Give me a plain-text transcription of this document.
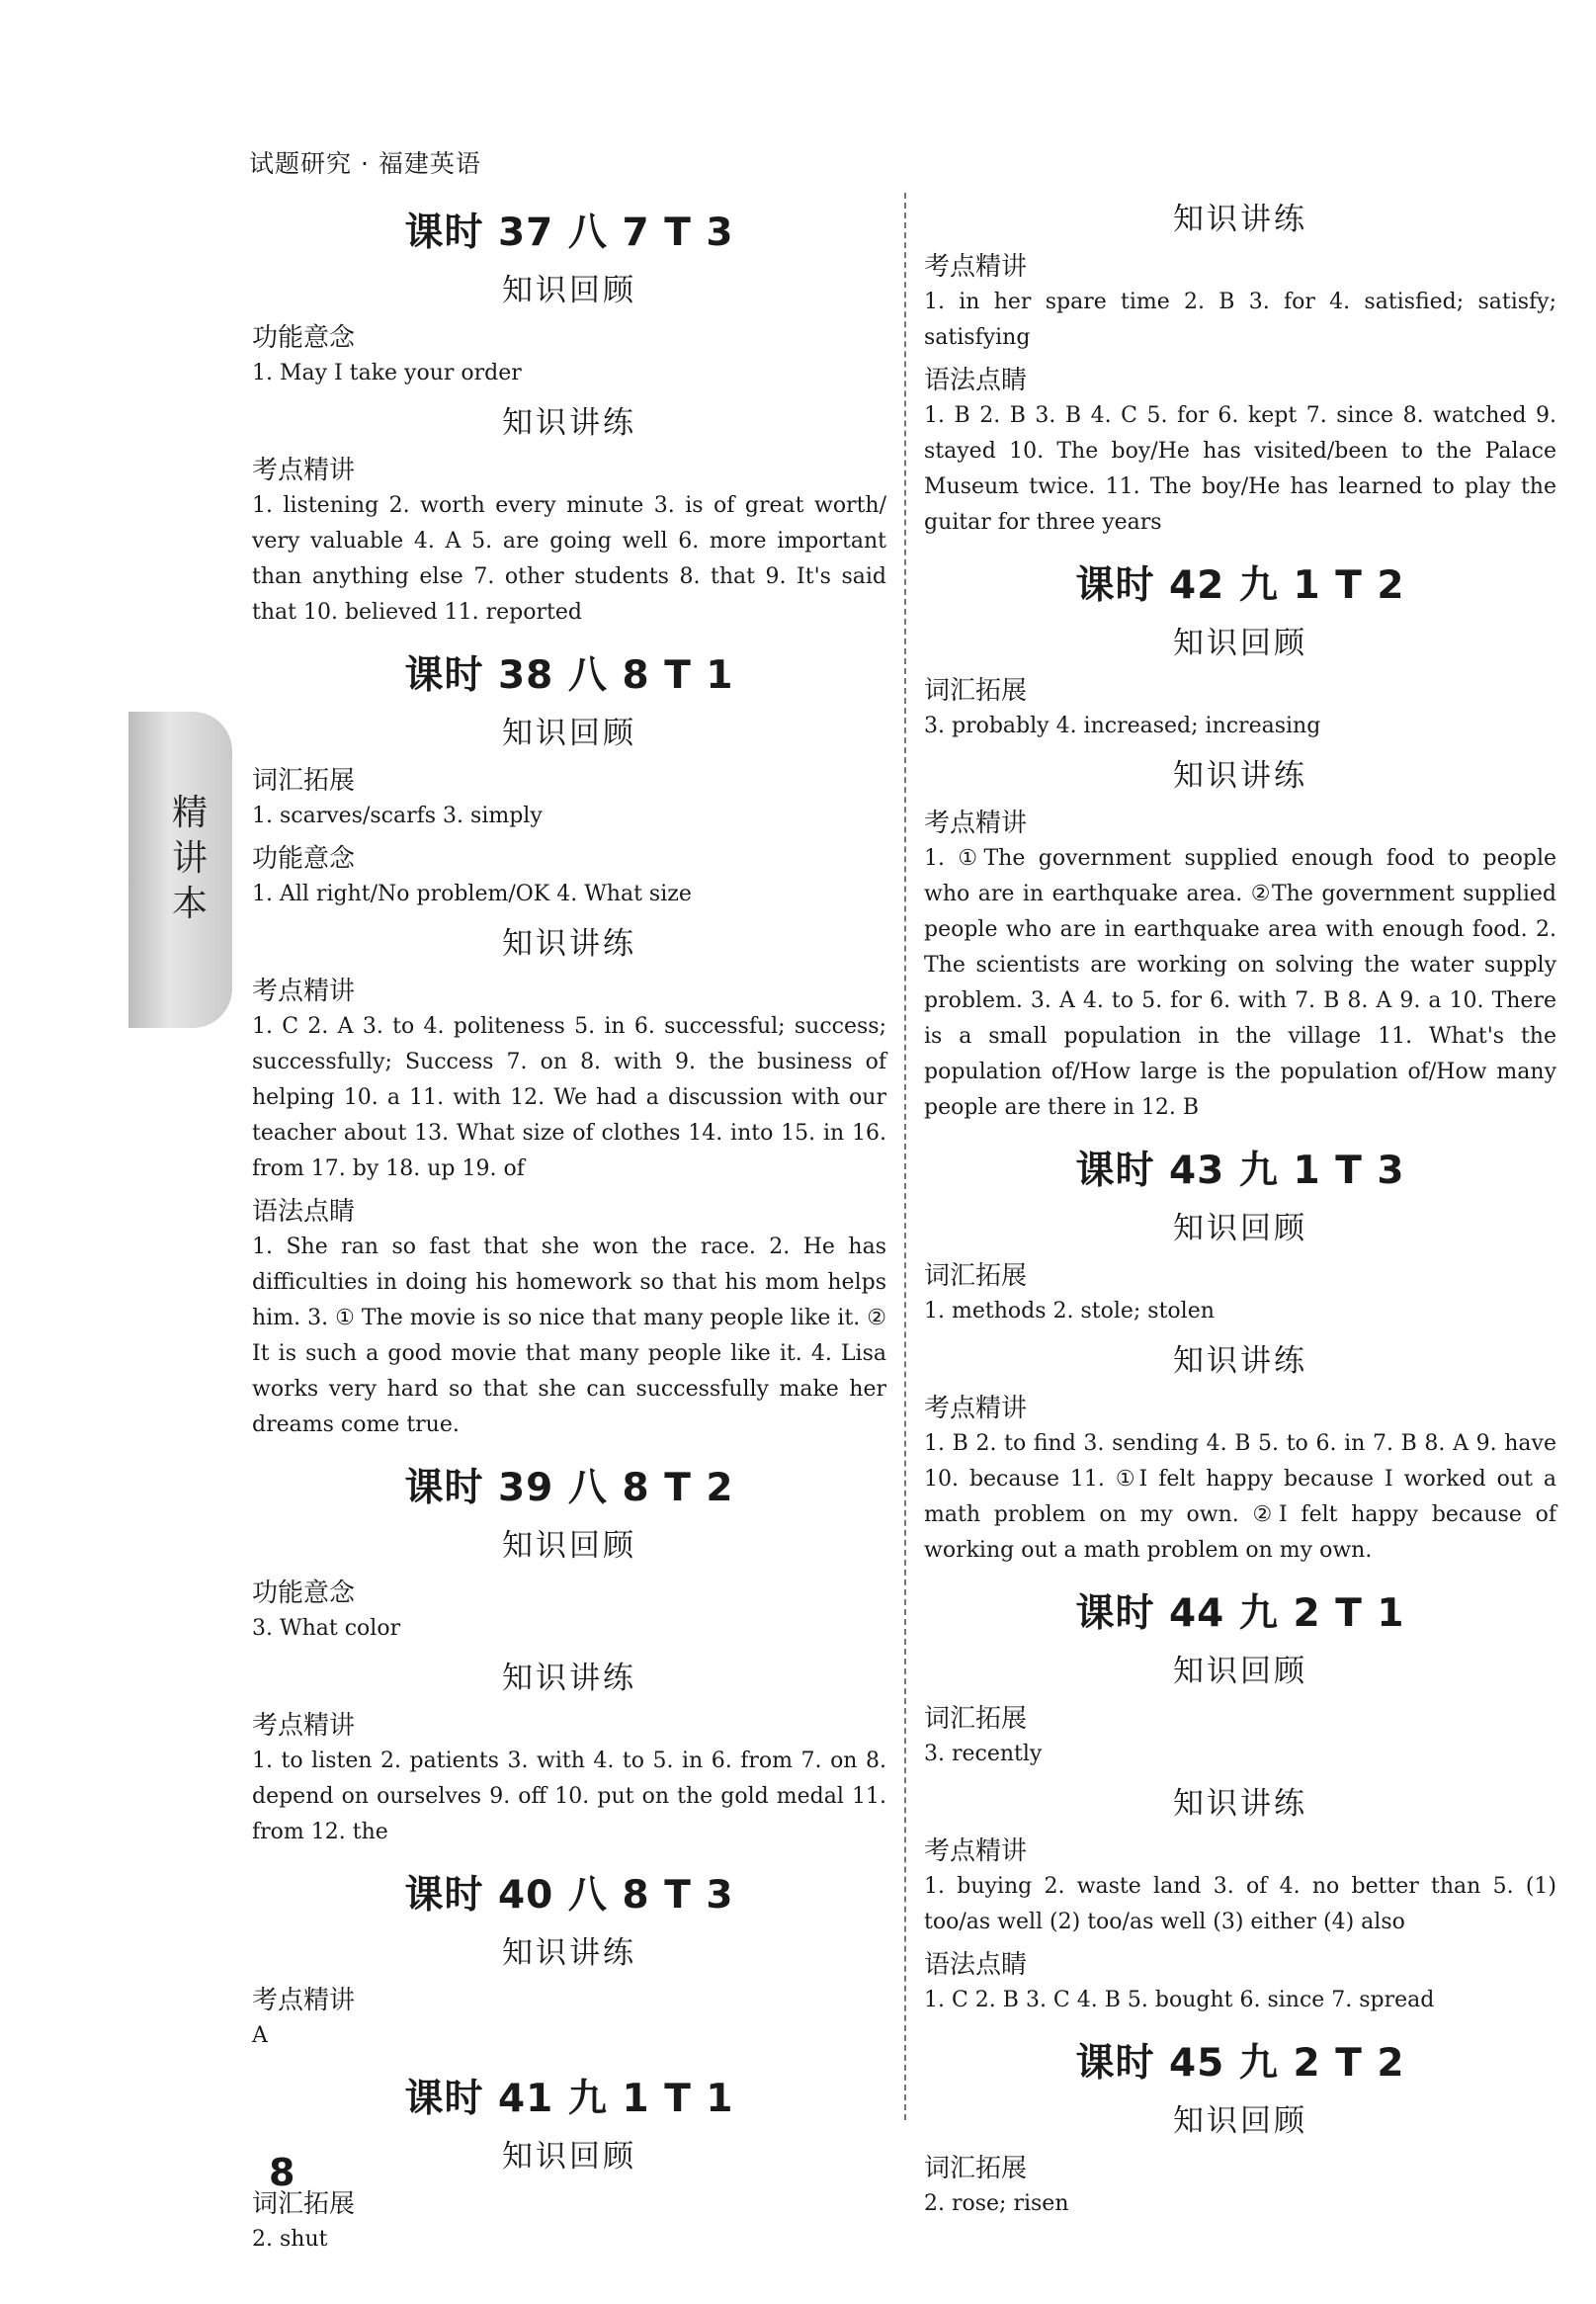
试题研究 · 福建英语
精讲本
课时 37 八 7 T 3
知识回顾
功能意念

1. May I take your order

知识讲练
考点精讲

1. listening 2. worth every minute 3. is of great worth/ very valuable 4. A 5. are going well 6. more important than anything else 7. other students 8. that 9. It's said that 10. believed 11. reported

课时 38 八 8 T 1
知识回顾
词汇拓展

1. scarves/scarfs 3. simply

功能意念

1. All right/No problem/OK 4. What size

知识讲练
考点精讲

1. C 2. A 3. to 4. politeness 5. in 6. successful; success; successfully; Success 7. on 8. with 9. the business of helping 10. a 11. with 12. We had a discussion with our teacher about 13. What size of clothes 14. into 15. in 16. from 17. by 18. up 19. of

语法点睛

1. She ran so fast that she won the race. 2. He has difficulties in doing his homework so that his mom helps him. 3. ① The movie is so nice that many people like it. ② It is such a good movie that many people like it. 4. Lisa works very hard so that she can successfully make her dreams come true.

课时 39 八 8 T 2
知识回顾
功能意念

3. What color

知识讲练
考点精讲

1. to listen 2. patients 3. with 4. to 5. in 6. from 7. on 8. depend on ourselves 9. off 10. put on the gold medal 11. from 12. the

课时 40 八 8 T 3
知识讲练
考点精讲

A

课时 41 九 1 T 1
知识回顾
词汇拓展

2. shut

知识讲练
考点精讲

1. in her spare time 2. B 3. for 4. satisfied; satisfy; satisfying

语法点睛

1. B 2. B 3. B 4. C 5. for 6. kept 7. since 8. watched 9. stayed 10. The boy/He has visited/been to the Palace Museum twice. 11. The boy/He has learned to play the guitar for three years

课时 42 九 1 T 2
知识回顾
词汇拓展

3. probably 4. increased; increasing

知识讲练
考点精讲

1. ①The government supplied enough food to people who are in earthquake area. ②The government supplied people who are in earthquake area with enough food. 2. The scientists are working on solving the water supply problem. 3. A 4. to 5. for 6. with 7. B 8. A 9. a 10. There is a small population in the village 11. What's the population of/How large is the population of/How many people are there in 12. B

课时 43 九 1 T 3
知识回顾
词汇拓展

1. methods 2. stole; stolen

知识讲练
考点精讲

1. B 2. to find 3. sending 4. B 5. to 6. in 7. B 8. A 9. have 10. because 11. ①I felt happy because I worked out a math problem on my own. ②I felt happy because of working out a math problem on my own.

课时 44 九 2 T 1
知识回顾
词汇拓展

3. recently

知识讲练
考点精讲

1. buying 2. waste land 3. of 4. no better than 5. (1) too/as well (2) too/as well (3) either (4) also

语法点睛

1. C 2. B 3. C 4. B 5. bought 6. since 7. spread

课时 45 九 2 T 2
知识回顾
词汇拓展

2. rose; risen

8
